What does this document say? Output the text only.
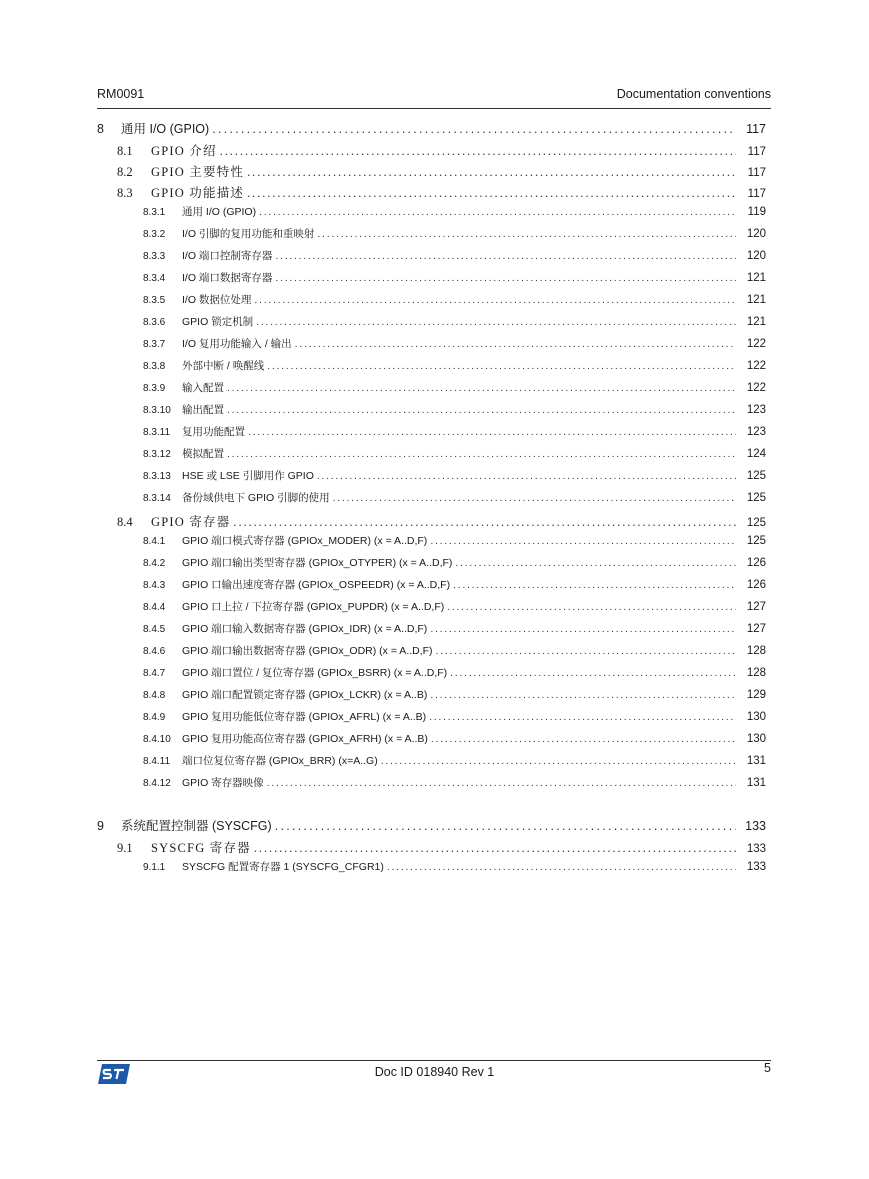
RM0091	Documentation conventions
8	通用 I/O (GPIO) . . .	117
8.1	GPIO 介绍 . . .	117
8.2	GPIO 主要特性 . . .	117
8.3	GPIO 功能描述 . . .	117
8.3.1	通用 I/O (GPIO) . . .	119
8.3.2	I/O 引脚的复用功能和重映射 . . .	120
8.3.3	I/O 端口控制寄存器 . . .	120
8.3.4	I/O 端口数据寄存器 . . .	121
8.3.5	I/O 数据位处理 . . .	121
8.3.6	GPIO 锁定机制 . . .	121
8.3.7	I/O 复用功能输入 / 输出 . . .	122
8.3.8	外部中断 / 唤醒线 . . .	122
8.3.9	输入配置 . . .	122
8.3.10	输出配置 . . .	123
8.3.11	复用功能配置 . . .	123
8.3.12	模拟配置 . . .	124
8.3.13	HSE 或 LSE 引脚用作 GPIO . . .	125
8.3.14	备份域供电下 GPIO 引脚的使用 . . .	125
8.4	GPIO 寄存器 . . .	125
8.4.1	GPIO 端口模式寄存器 (GPIOx_MODER) (x = A..D,F) . . .	125
8.4.2	GPIO 端口输出类型寄存器 (GPIOx_OTYPER) (x = A..D,F) . . .	126
8.4.3	GPIO 口输出速度寄存器 (GPIOx_OSPEEDR) (x = A..D,F) . . .	126
8.4.4	GPIO 口上拉 / 下拉寄存器 (GPIOx_PUPDR) (x = A..D,F) . . .	127
8.4.5	GPIO 端口输入数据寄存器 (GPIOx_IDR) (x = A..D,F) . . .	127
8.4.6	GPIO 端口输出数据寄存器 (GPIOx_ODR) (x = A..D,F) . . .	128
8.4.7	GPIO 端口置位 / 复位寄存器 (GPIOx_BSRR) (x = A..D,F) . . .	128
8.4.8	GPIO 端口配置锁定寄存器 (GPIOx_LCKR) (x = A..B) . . .	129
8.4.9	GPIO 复用功能低位寄存器 (GPIOx_AFRL) (x = A..B) . . .	130
8.4.10	GPIO 复用功能高位寄存器 (GPIOx_AFRH) (x = A..B) . . .	130
8.4.11	端口位复位寄存器 (GPIOx_BRR) (x=A..G) . . .	131
8.4.12	GPIO 寄存器映像 . . .	131
9	系统配置控制器 (SYSCFG) . . .	133
9.1	SYSCFG 寄存器 . . .	133
9.1.1	SYSCFG 配置寄存器 1 (SYSCFG_CFGR1) . . .	133
Doc ID 018940 Rev 1	5
